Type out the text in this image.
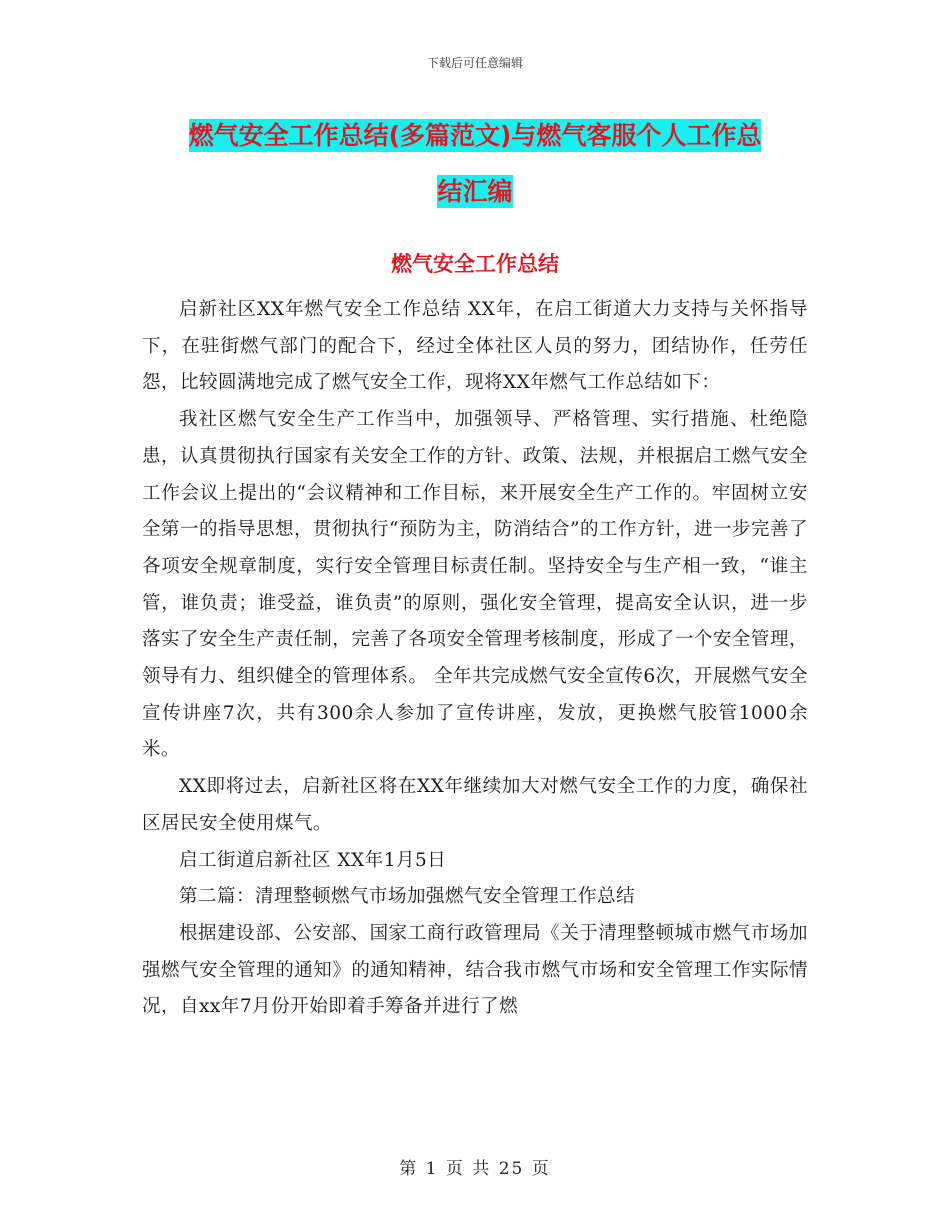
下载后可任意编辑
燃气安全工作总结(多篇范文)与燃气客服个人工作总
结汇编
燃气安全工作总结

启新社区XX年燃气安全工作总结 XX年，在启工街道大力支持与关怀指导下，在驻街燃气部门的配合下，经过全体社区人员的努力，团结协作，任劳任怨，比较圆满地完成了燃气安全工作，现将XX年燃气工作总结如下：

我社区燃气安全生产工作当中，加强领导、严格管理、实行措施、杜绝隐患，认真贯彻执行国家有关安全工作的方针、政策、法规，并根据启工燃气安全工作会议上提出的“会议精神和工作目标，来开展安全生产工作的。牢固树立安全第一的指导思想，贯彻执行“预防为主，防消结合”的工作方针，进一步完善了各项安全规章制度，实行安全管理目标责任制。坚持安全与生产相一致，“谁主管，谁负责；谁受益，谁负责”的原则，强化安全管理，提高安全认识，进一步落实了安全生产责任制，完善了各项安全管理考核制度，形成了一个安全管理，领导有力、组织健全的管理体系。 全年共完成燃气安全宣传6次，开展燃气安全宣传讲座7次，共有300余人参加了宣传讲座，发放，更换燃气胶管1000余米。

XX即将过去，启新社区将在XX年继续加大对燃气安全工作的力度，确保社区居民安全使用煤气。

启工街道启新社区 XX年1月5日

第二篇：清理整顿燃气市场加强燃气安全管理工作总结

根据建设部、公安部、国家工商行政管理局《关于清理整顿城市燃气市场加强燃气安全管理的通知》的通知精神，结合我市燃气市场和安全管理工作实际情况，自xx年7月份开始即着手筹备并进行了燃

第 1 页 共 25 页
